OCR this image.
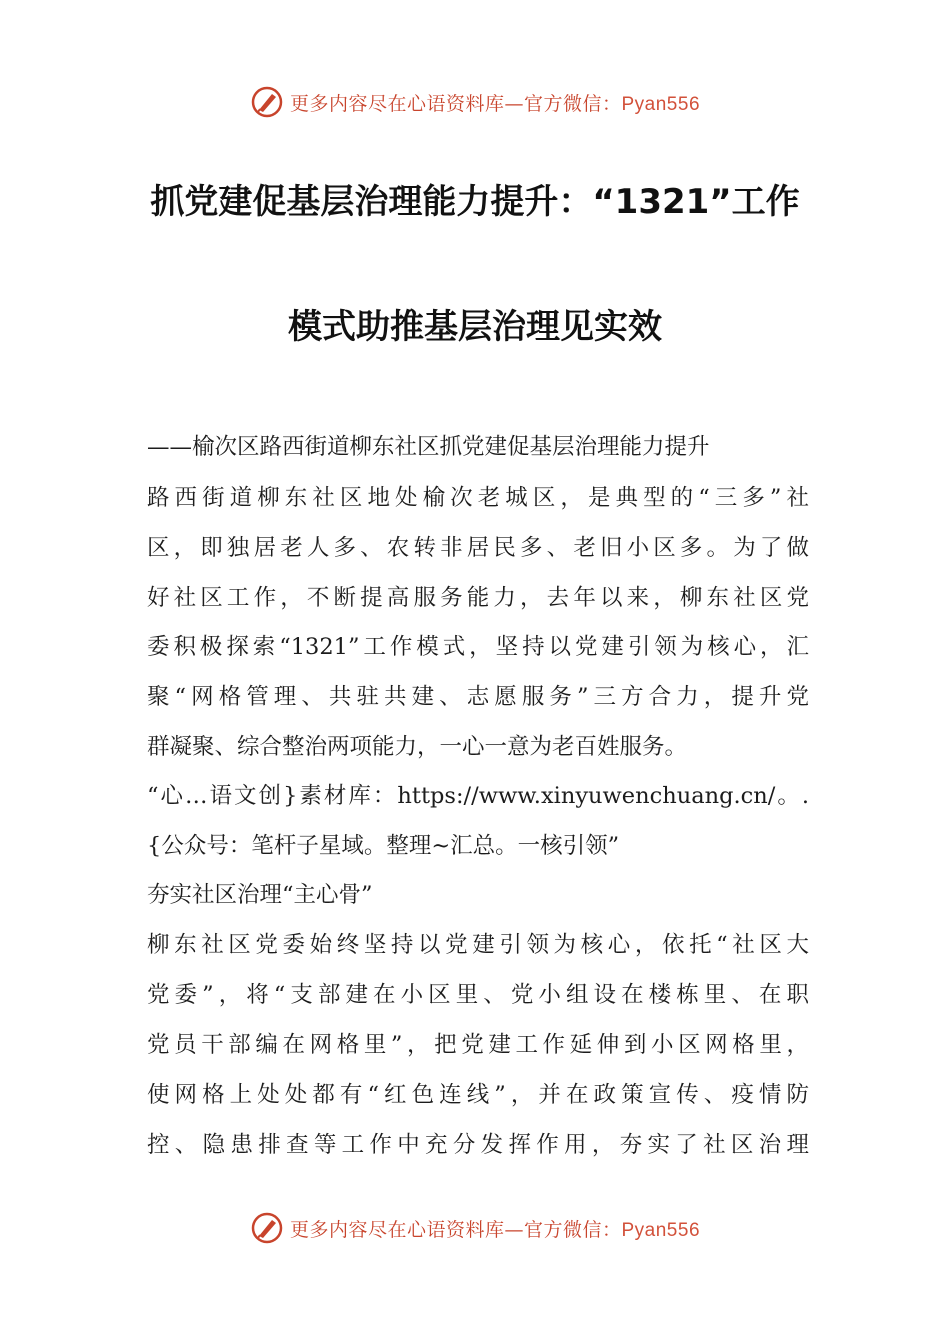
更多内容尽在心语资料库—官方微信：Pyan556
抓党建促基层治理能力提升：“1321”工作
模式助推基层治理见实效
——榆次区路西街道柳东社区抓党建促基层治理能力提升
路西街道柳东社区地处榆次老城区，是典型的“三多”社
区，即独居老人多、农转非居民多、老旧小区多。为了做
好社区工作，不断提高服务能力，去年以来，柳东社区党
委积极探索“1321”工作模式，坚持以党建引领为核心，汇
聚“网格管理、共驻共建、志愿服务”三方合力，提升党
群凝聚、综合整治两项能力，一心一意为老百姓服务。
“心…语文创}素材库：https://www.xinyuwenchuang.cn/。.
{公众号：笔杆子星域。整理~汇总。一核引领”
夯实社区治理“主心骨”
柳东社区党委始终坚持以党建引领为核心，依托“社区大
党委”，将“支部建在小区里、党小组设在楼栋里、在职
党员干部编在网格里”，把党建工作延伸到小区网格里，
使网格上处处都有“红色连线”，并在政策宣传、疫情防
控、隐患排查等工作中充分发挥作用，夯实了社区治理
更多内容尽在心语资料库—官方微信：Pyan556
